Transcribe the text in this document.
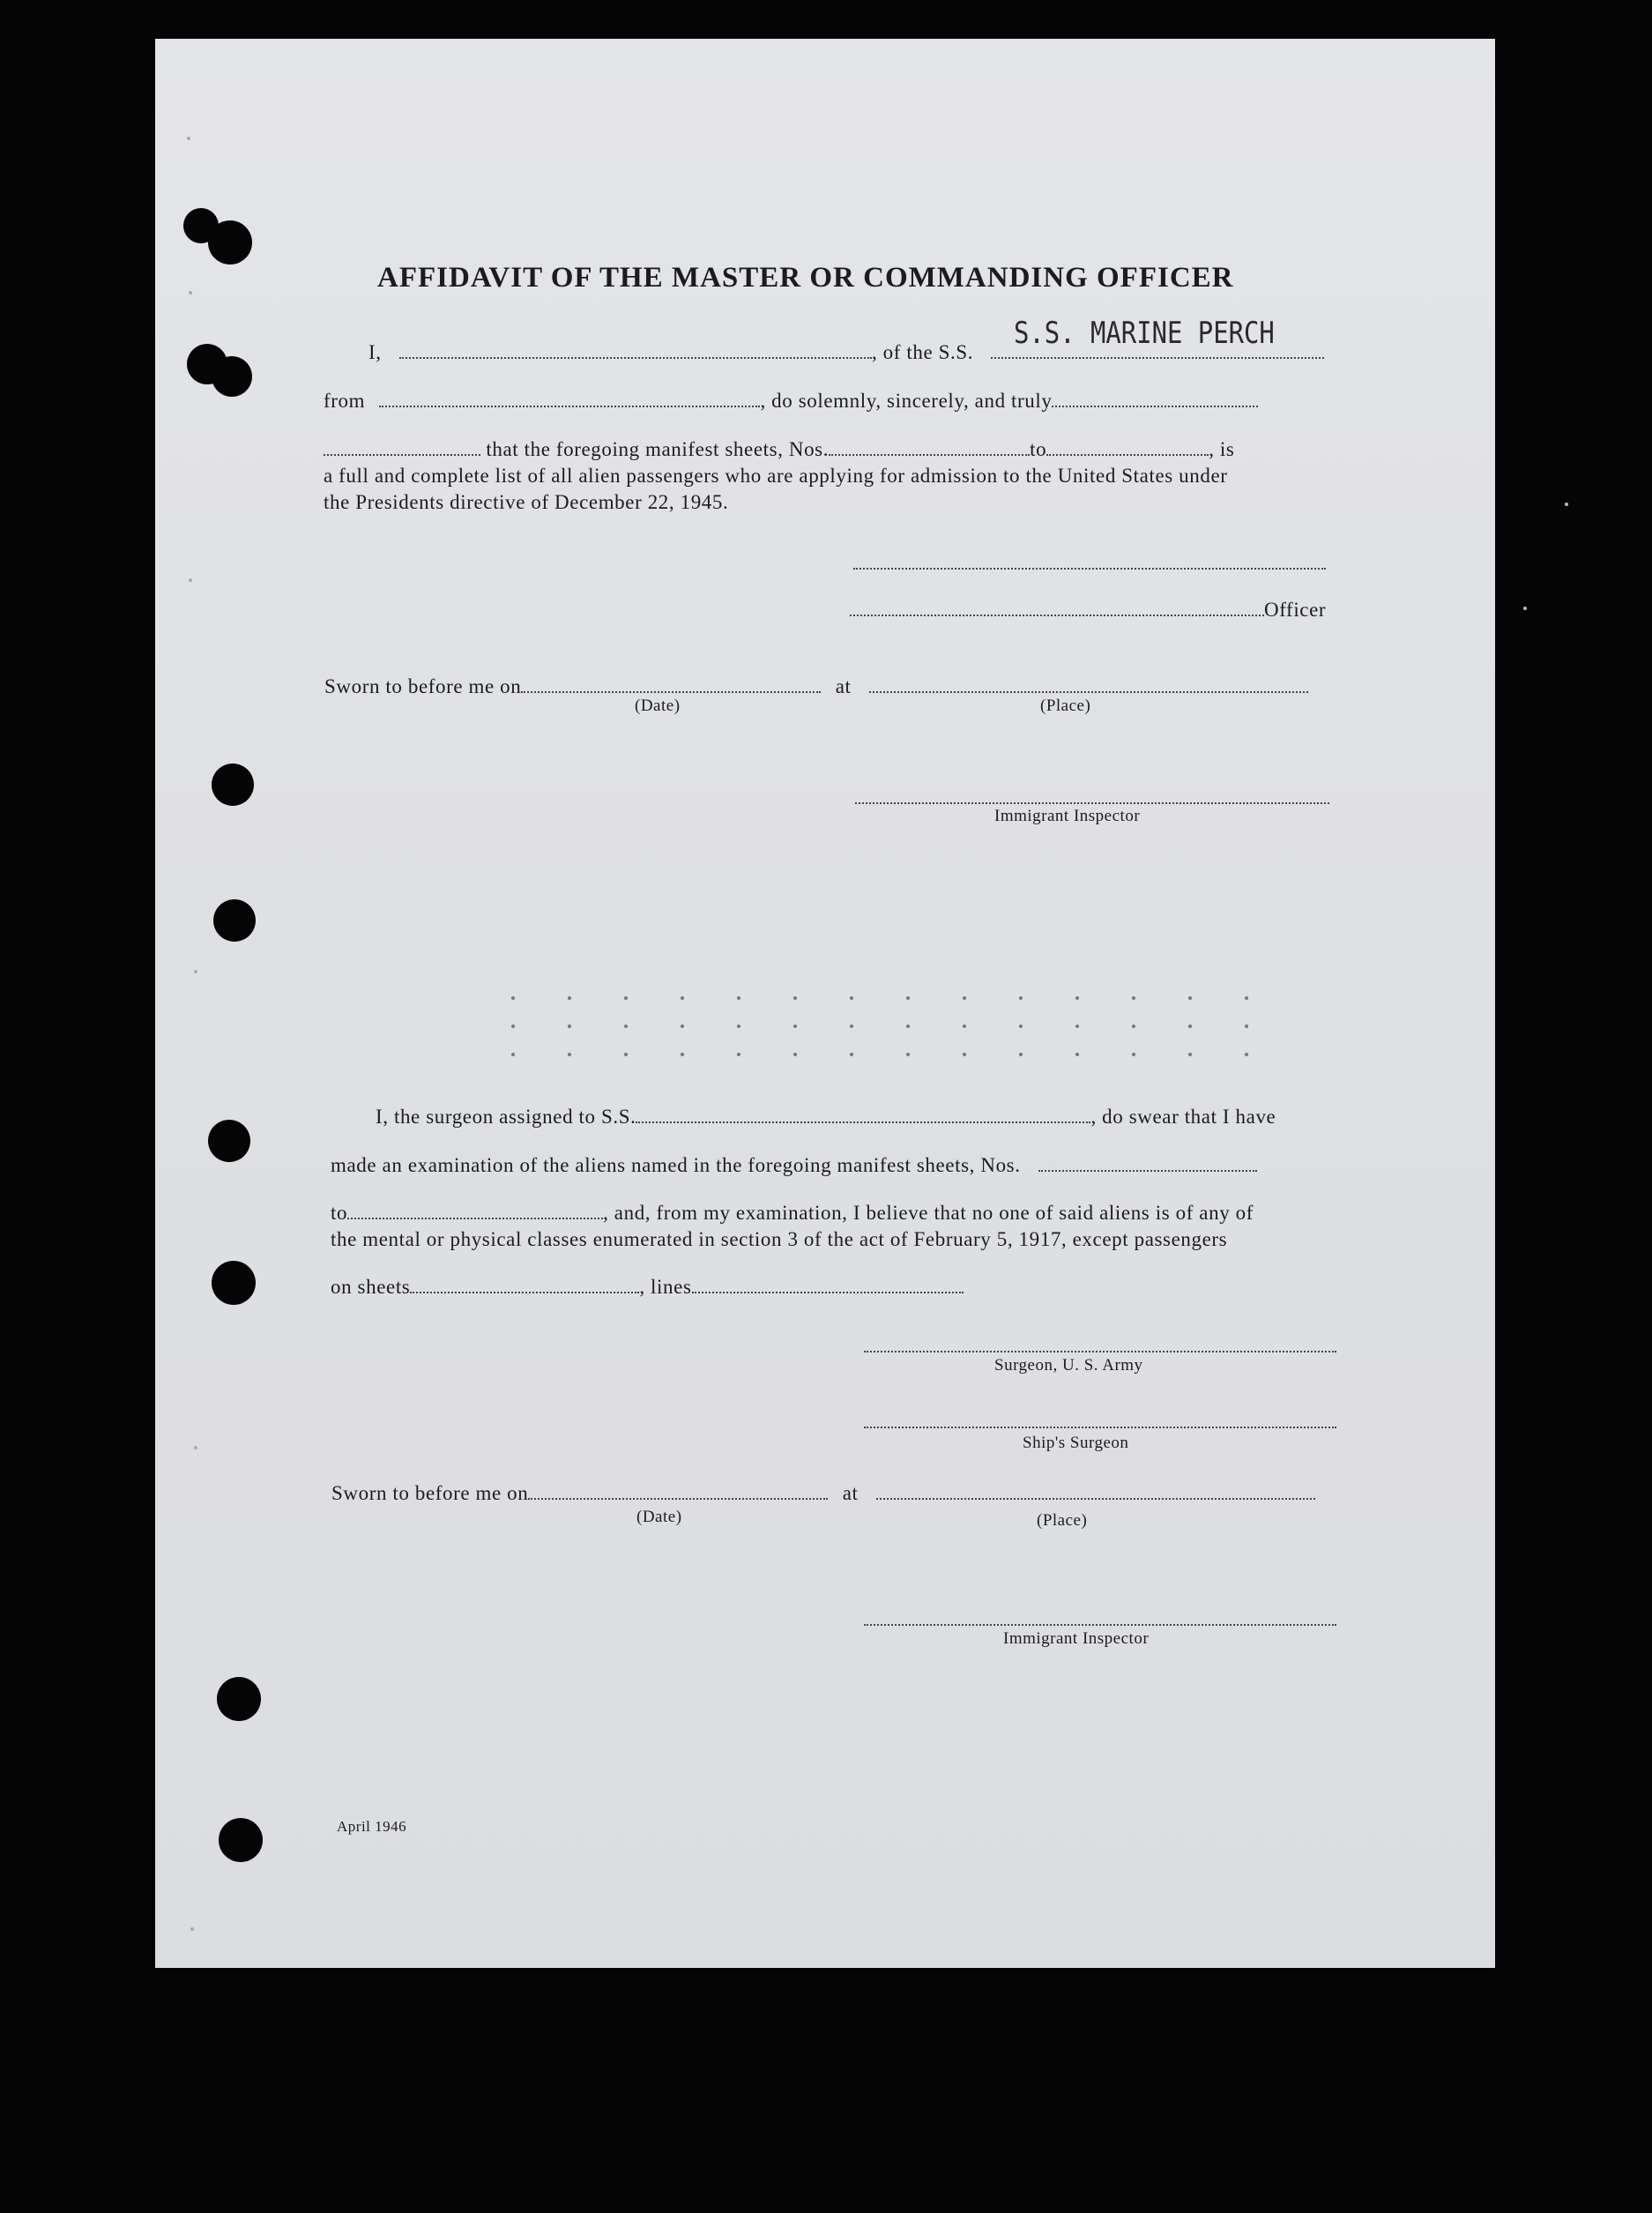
AFFIDAVIT OF THE MASTER OR COMMANDING OFFICER
S.S. MARINE PERCH
I,	, of the S.S.
from	, do solemnly, sincerely, and truly
that the foregoing manifest sheets, Nos.	to	, is
a full and complete list of all alien passengers who are applying for admission to the United States under
the Presidents directive of December 22, 1945.
Officer
Sworn to before me on	at
(Date)	(Place)
Immigrant Inspector
I, the surgeon assigned to S.S.	, do swear that I have
made an examination of the aliens named in the foregoing manifest sheets, Nos.
to	, and, from my examination, I believe that no one of said aliens is of any of
the mental or physical classes enumerated in section 3 of the act of February 5, 1917, except passengers
on sheets	, lines
Surgeon, U. S. Army
Ship's Surgeon
Sworn to before me on	at
(Date)	(Place)
Immigrant Inspector
April 1946
